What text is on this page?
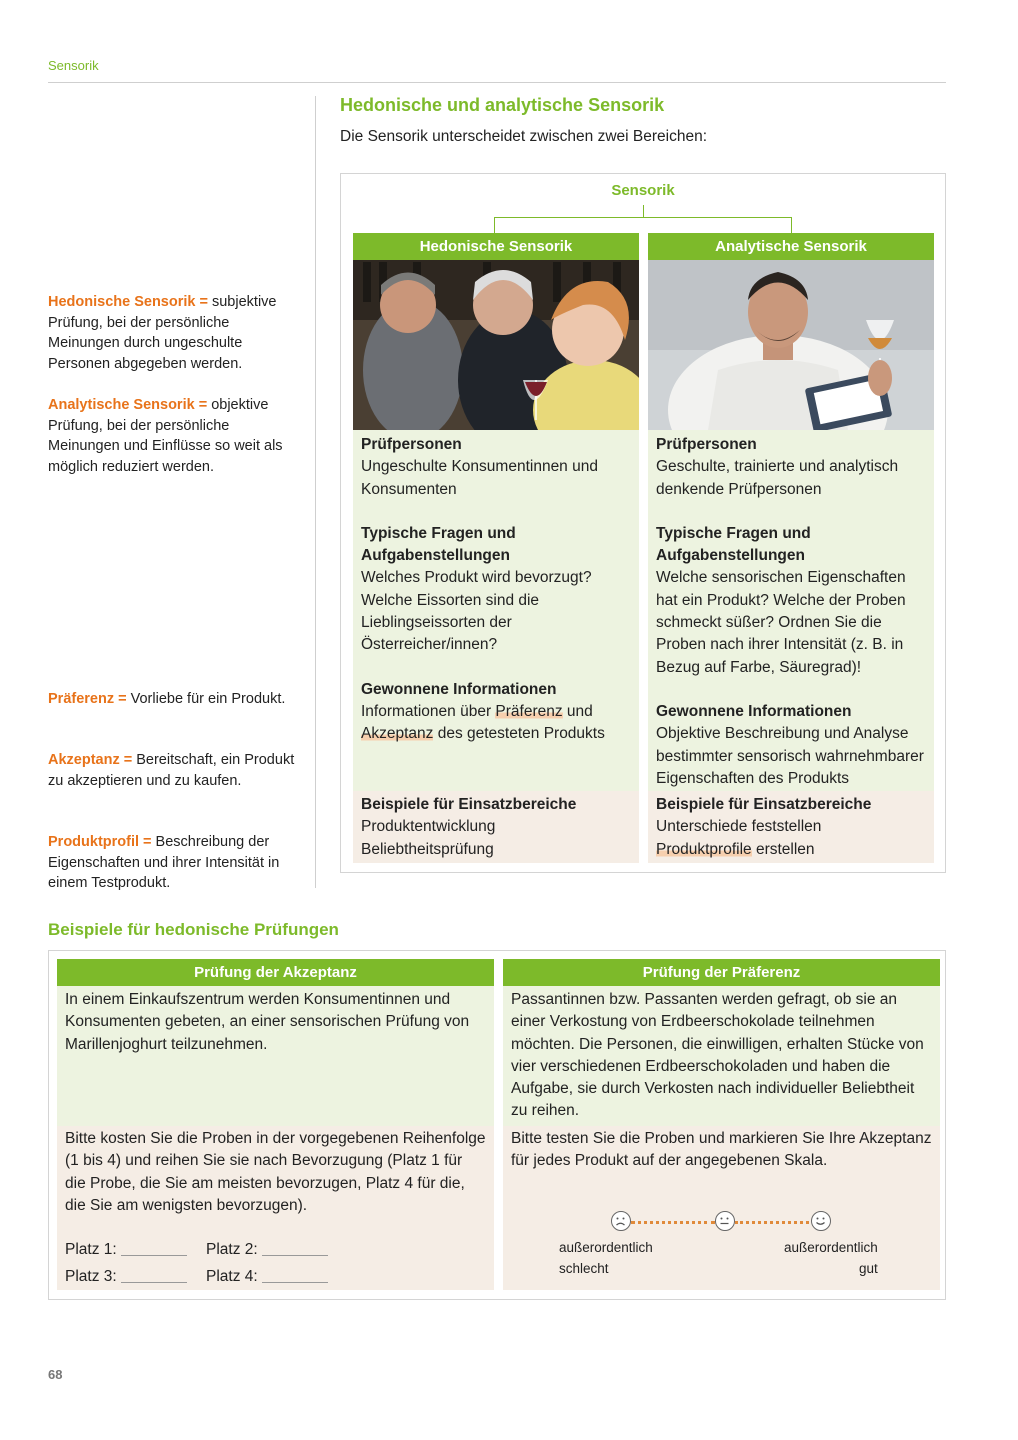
Sensorik
Hedonische Sensorik = subjektive Prüfung, bei der persönliche Meinungen durch ungeschulte Personen abgegeben werden.
Analytische Sensorik = objektive Prüfung, bei der persönliche Meinungen und Einflüsse so weit als möglich reduziert werden.
Präferenz = Vorliebe für ein Produkt.
Akzeptanz = Bereitschaft, ein Produkt zu akzeptieren und zu kaufen.
Produktprofil = Beschreibung der Eigenschaften und ihrer Intensität in einem Testprodukt.
Hedonische und analytische Sensorik
Die Sensorik unterscheidet zwischen zwei Bereichen:
Sensorik
Hedonische Sensorik
Prüfpersonen
Ungeschulte Konsumentinnen und Konsumenten
Typische Fragen und Aufgabenstellungen
Welches Produkt wird bevorzugt? Welche Eissorten sind die Lieblingseissorten der Österreicher/innen?
Gewonnene Informationen
Informationen über Präferenz und Akzeptanz des getesteten Produkts
Beispiele für Einsatzbereiche
Produktentwicklung
Beliebtheitsprüfung
Analytische Sensorik
Prüfpersonen
Geschulte, trainierte und analytisch denkende Prüfpersonen
Typische Fragen und Aufgabenstellungen
Welche sensorischen Eigenschaften hat ein Produkt? Welche der Proben schmeckt süßer? Ordnen Sie die Proben nach ihrer Intensität (z. B. in Bezug auf Farbe, Säuregrad)!
Gewonnene Informationen
Objektive Beschreibung und Analyse bestimmter sensorisch wahrnehmbarer Eigenschaften des Produkts
Beispiele für Einsatzbereiche
Unterschiede feststellen
Produktprofile erstellen
Beispiele für hedonische Prüfungen
Prüfung der Akzeptanz
In einem Einkaufszentrum werden Konsumentinnen und Konsumenten gebeten, an einer sensorischen Prüfung von Marillenjoghurt teilzunehmen.
Bitte kosten Sie die Proben in der vorgegebenen Reihenfolge (1 bis 4) und reihen Sie sie nach Bevorzugung (Platz 1 für die Probe, die Sie am meisten bevorzugen, Platz 4 für die, die Sie am wenigsten bevorzugen).
Platz 1:	Platz 2:
Platz 3:	Platz 4:
Prüfung der Präferenz
Passantinnen bzw. Passanten werden gefragt, ob sie an einer Verkostung von Erdbeerschokolade teilnehmen möchten. Die Personen, die einwilligen, erhalten Stücke von vier verschiedenen Erdbeerschokoladen und haben die Aufgabe, sie durch Verkosten nach individueller Beliebtheit zu reihen.
Bitte testen Sie die Proben und markieren Sie Ihre Akzeptanz für jedes Produkt auf der angegebenen Skala.
außerordentlich
schlecht
außerordentlich
gut
68
